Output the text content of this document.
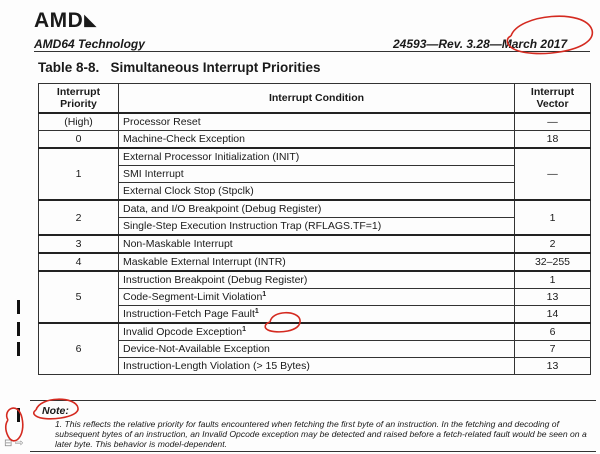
AMD◣
AMD64 Technology	24593—Rev. 3.28—March 2017
Table 8-8.   Simultaneous Interrupt Priorities
Interrupt Priority	Interrupt Condition	Interrupt Vector
(High)	Processor Reset	—
0	Machine-Check Exception	18
1	External Processor Initialization (INIT)	—
	SMI Interrupt	
	External Clock Stop (Stpclk)	
2	Data, and I/O Breakpoint (Debug Register)	1
	Single-Step Execution Instruction Trap (RFLAGS.TF=1)	
3	Non-Maskable Interrupt	2
4	Maskable External Interrupt (INTR)	32–255
5	Instruction Breakpoint (Debug Register)	1
	Code-Segment-Limit Violation$^1$	13
	Instruction-Fetch Page Fault$^1$	14
6	Invalid Opcode Exception$^1$	6
	Device-Not-Available Exception	7
	Instruction-Length Violation (> 15 Bytes)	13
Note:
1. This reflects the relative priority for faults encountered when fetching the first byte of an instruction. In the fetching and decoding of subsequent bytes of an instruction, an Invalid Opcode exception may be detected and raised before a fetch-related fault would be seen on a later byte. This behavior is model-dependent.
⊟ ⇨
